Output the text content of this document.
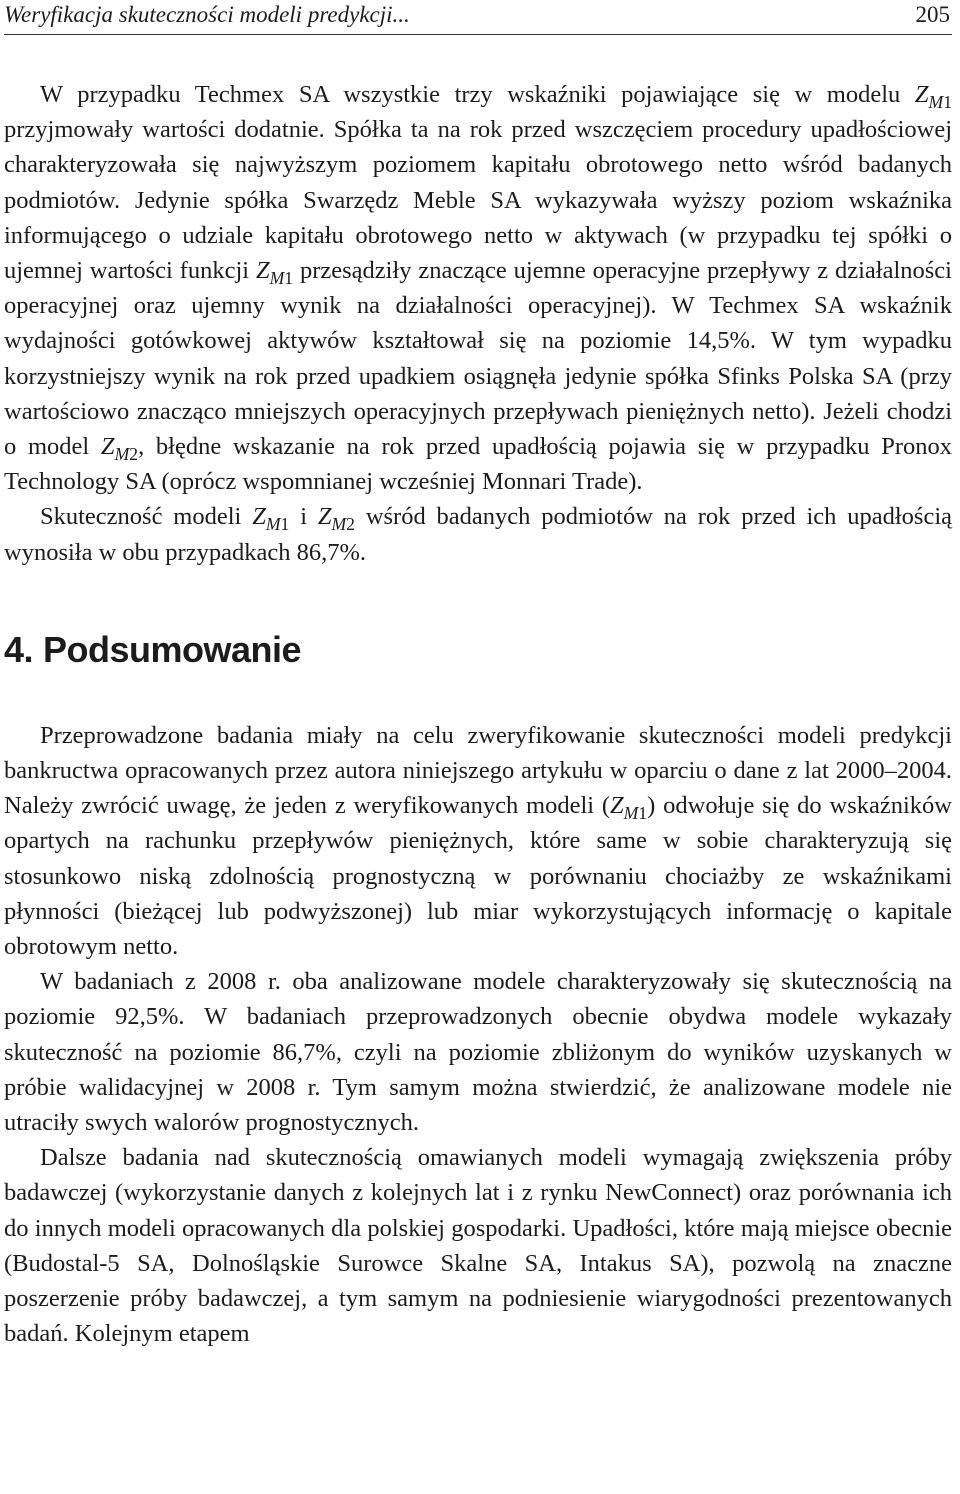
Weryfikacja skuteczności modeli predykcji...	205

W przypadku Techmex SA wszystkie trzy wskaźniki pojawiające się w modelu $Z_{M1}$ przyjmowały wartości dodatnie. Spółka ta na rok przed wszczęciem procedury upadłościowej charakteryzowała się najwyższym poziomem kapitału obrotowego netto wśród badanych podmiotów. Jedynie spółka Swarzędz Meble SA wykazywała wyższy poziom wskaźnika informującego o udziale kapitału obrotowego netto w aktywach (w przypadku tej spółki o ujemnej wartości funkcji $Z_{M1}$ przesądziły znaczące ujemne operacyjne przepływy z działalności operacyjnej oraz ujemny wynik na działalności operacyjnej). W Techmex SA wskaźnik wydajności gotówkowej aktywów kształtował się na poziomie 14,5%. W tym wypadku korzystniejszy wynik na rok przed upadkiem osiągnęła jedynie spółka Sfinks Polska SA (przy wartościowo znacząco mniejszych operacyjnych przepływach pieniężnych netto). Jeżeli chodzi o model $Z_{M2}$, błędne wskazanie na rok przed upadłością pojawia się w przypadku Pronox Technology SA (oprócz wspomnianej wcześniej Monnari Trade).

Skuteczność modeli $Z_{M1}$ i $Z_{M2}$ wśród badanych podmiotów na rok przed ich upadłością wynosiła w obu przypadkach 86,7%.

4. Podsumowanie

Przeprowadzone badania miały na celu zweryfikowanie skuteczności modeli predykcji bankructwa opracowanych przez autora niniejszego artykułu w oparciu o dane z lat 2000–2004. Należy zwrócić uwagę, że jeden z weryfikowanych modeli $(Z_{M1})$ odwołuje się do wskaźników opartych na rachunku przepływów pieniężnych, które same w sobie charakteryzują się stosunkowo niską zdolnością prognostyczną w porównaniu chociażby ze wskaźnikami płynności (bieżącej lub podwyższonej) lub miar wykorzystujących informację o kapitale obrotowym netto.

W badaniach z 2008 r. oba analizowane modele charakteryzowały się skutecznością na poziomie 92,5%. W badaniach przeprowadzonych obecnie obydwa modele wykazały skuteczność na poziomie 86,7%, czyli na poziomie zbliżonym do wyników uzyskanych w próbie walidacyjnej w 2008 r. Tym samym można stwierdzić, że analizowane modele nie utraciły swych walorów prognostycznych.

Dalsze badania nad skutecznością omawianych modeli wymagają zwiększenia próby badawczej (wykorzystanie danych z kolejnych lat i z rynku NewConnect) oraz porównania ich do innych modeli opracowanych dla polskiej gospodarki. Upadłości, które mają miejsce obecnie (Budostal-5 SA, Dolnośląskie Surowce Skalne SA, Intakus SA), pozwolą na znaczne poszerzenie próby badawczej, a tym samym na podniesienie wiarygodności prezentowanych badań. Kolejnym etapem
